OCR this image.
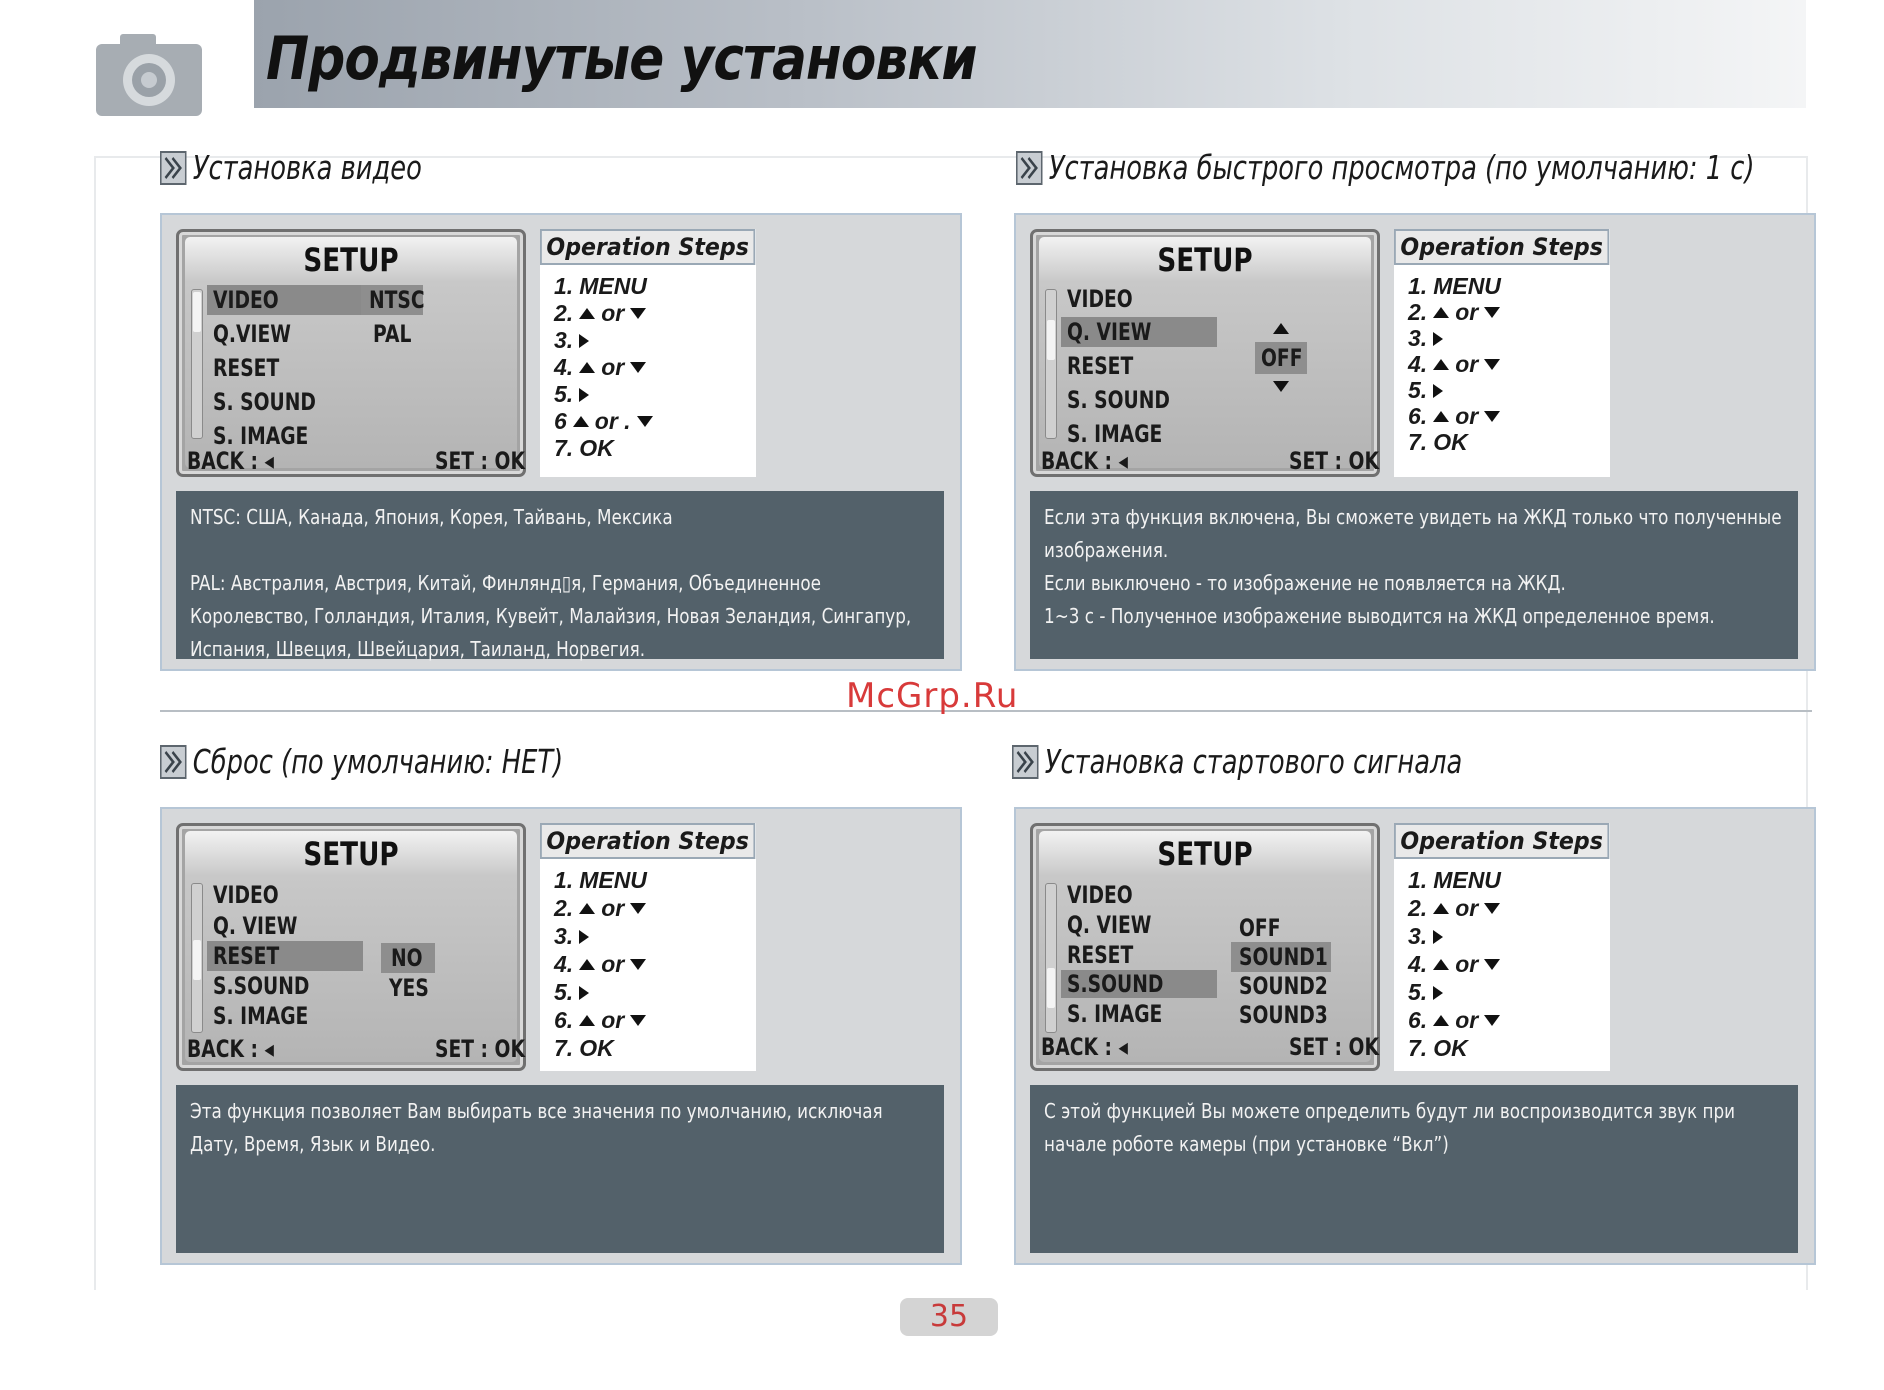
Продвинутые установки
Установка видео	Установка быстрого просмотра (по умолчанию: 1 с)
Сброс (по умолчанию: НЕТ)	Установка стартового сигнала
SETUP
VIDEO
Q.VIEW
RESET
S. SOUND
S. IMAGE
NTSC
PAL
BACK : ◂	SET : OK
Operation Steps
1. MENU
2. or
3.
4. or
5.
6 or .
7. OK

NTSC: США, Канада, Япония, Корея, Тайвань, Мексика

PAL: Австралия, Австрия, Китай, Финлянд▯я, Германия, Объединенное Королевство, Голландия, Италия, Кувейт, Малайзия, Новая Зеландия, Сингапур, Испания, Швеция, Швейцария, Таиланд, Норвегия.

SETUP
VIDEO
Q. VIEW
RESET
S. SOUND
S. IMAGE
OFF
BACK : ◂	SET : OK
Operation Steps
1. MENU
2. or
3.
4. or
5.
6. or
7. OK

Если эта функция включена, Вы сможете увидеть на ЖКД только что полученные изображения.

Если выключено - то изображение не появляется на ЖКД.

1~3 с - Полученное изображение выводится на ЖКД определенное время.

McGrp.Ru
SETUP
VIDEO
Q. VIEW
RESET
S.SOUND
S. IMAGE
NO
YES
BACK : ◂	SET : OK
Operation Steps
1. MENU
2. or
3.
4. or
5.
6. or
7. OK

Эта функция позволяет Вам выбирать все значения по умолчанию, исключая Дату, Время, Язык и Видео.

SETUP
VIDEO
Q. VIEW
RESET
S.SOUND
S. IMAGE
OFF
SOUND1
SOUND2
SOUND3
BACK : ◂	SET : OK
Operation Steps
1. MENU
2. or
3.
4. or
5.
6. or
7. OK

С этой функцией Вы можете определить будут ли воспроизводится звук при начале роботе камеры (при установке “Вкл”)

35
